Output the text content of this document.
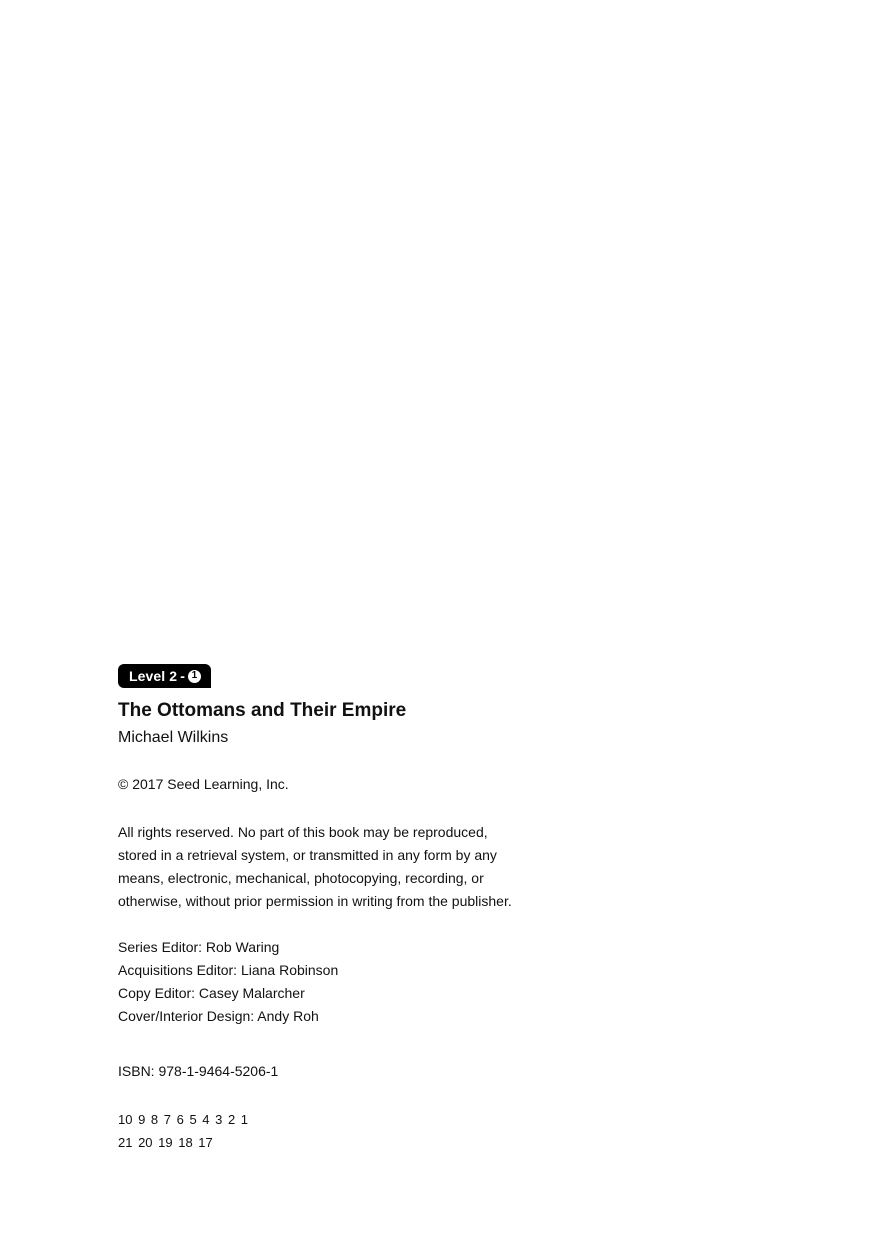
Level 2 - 1
The Ottomans and Their Empire
Michael Wilkins
© 2017 Seed Learning, Inc.
All rights reserved. No part of this book may be reproduced,
stored in a retrieval system, or transmitted in any form by any
means, electronic, mechanical, photocopying, recording, or
otherwise, without prior permission in writing from the publisher.
Series Editor: Rob Waring
Acquisitions Editor: Liana Robinson
Copy Editor: Casey Malarcher
Cover/Interior Design: Andy Roh
ISBN: 978-1-9464-5206-1
10 9 8 7 6 5 4 3 2 1
21 20 19 18 17
